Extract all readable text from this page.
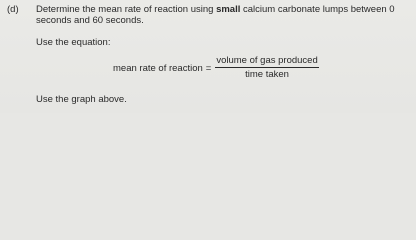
(d) Determine the mean rate of reaction using small calcium carbonate lumps between 0
seconds and 60 seconds.
Use the equation:
mean rate of reaction = $\frac{\text{volume of gas produced}}{\text{time taken}}$
Use the graph above.
